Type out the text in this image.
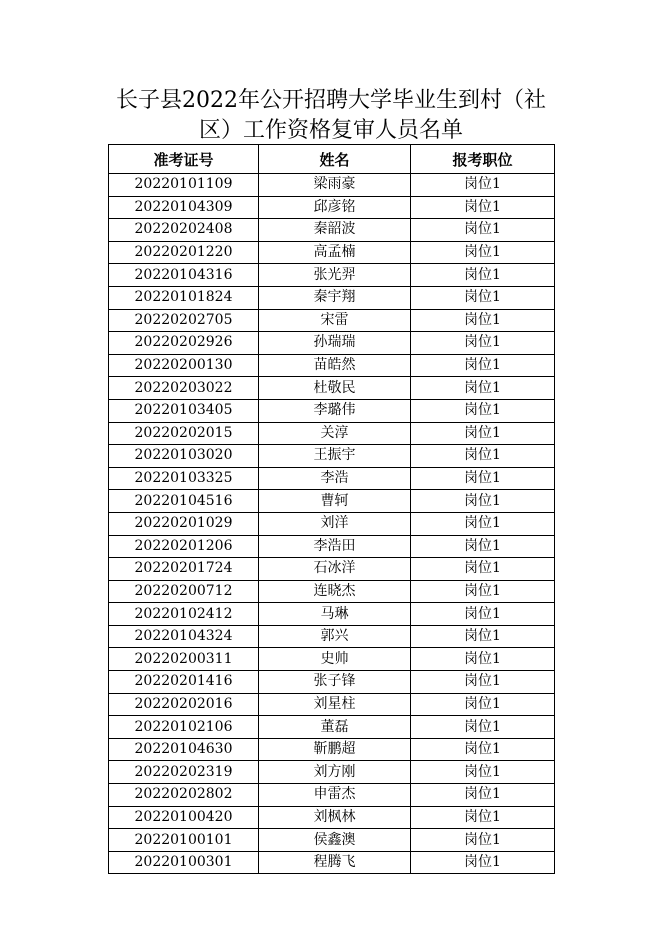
长子县2022年公开招聘大学毕业生到村（社
区）工作资格复审人员名单
准考证号	姓名	报考职位
20220101109	梁雨豪	岗位1
20220104309	邱彦铭	岗位1
20220202408	秦韶波	岗位1
20220201220	高孟楠	岗位1
20220104316	张光羿	岗位1
20220101824	秦宇翔	岗位1
20220202705	宋雷	岗位1
20220202926	孙瑞瑞	岗位1
20220200130	苗皓然	岗位1
20220203022	杜敬民	岗位1
20220103405	李璐伟	岗位1
20220202015	关淳	岗位1
20220103020	王振宇	岗位1
20220103325	李浩	岗位1
20220104516	曹轲	岗位1
20220201029	刘洋	岗位1
20220201206	李浩田	岗位1
20220201724	石冰洋	岗位1
20220200712	连晓杰	岗位1
20220102412	马琳	岗位1
20220104324	郭兴	岗位1
20220200311	史帅	岗位1
20220201416	张子锋	岗位1
20220202016	刘星柱	岗位1
20220102106	董磊	岗位1
20220104630	靳鹏超	岗位1
20220202319	刘方刚	岗位1
20220202802	申雷杰	岗位1
20220100420	刘枫林	岗位1
20220100101	侯鑫澳	岗位1
20220100301	程腾飞	岗位1
